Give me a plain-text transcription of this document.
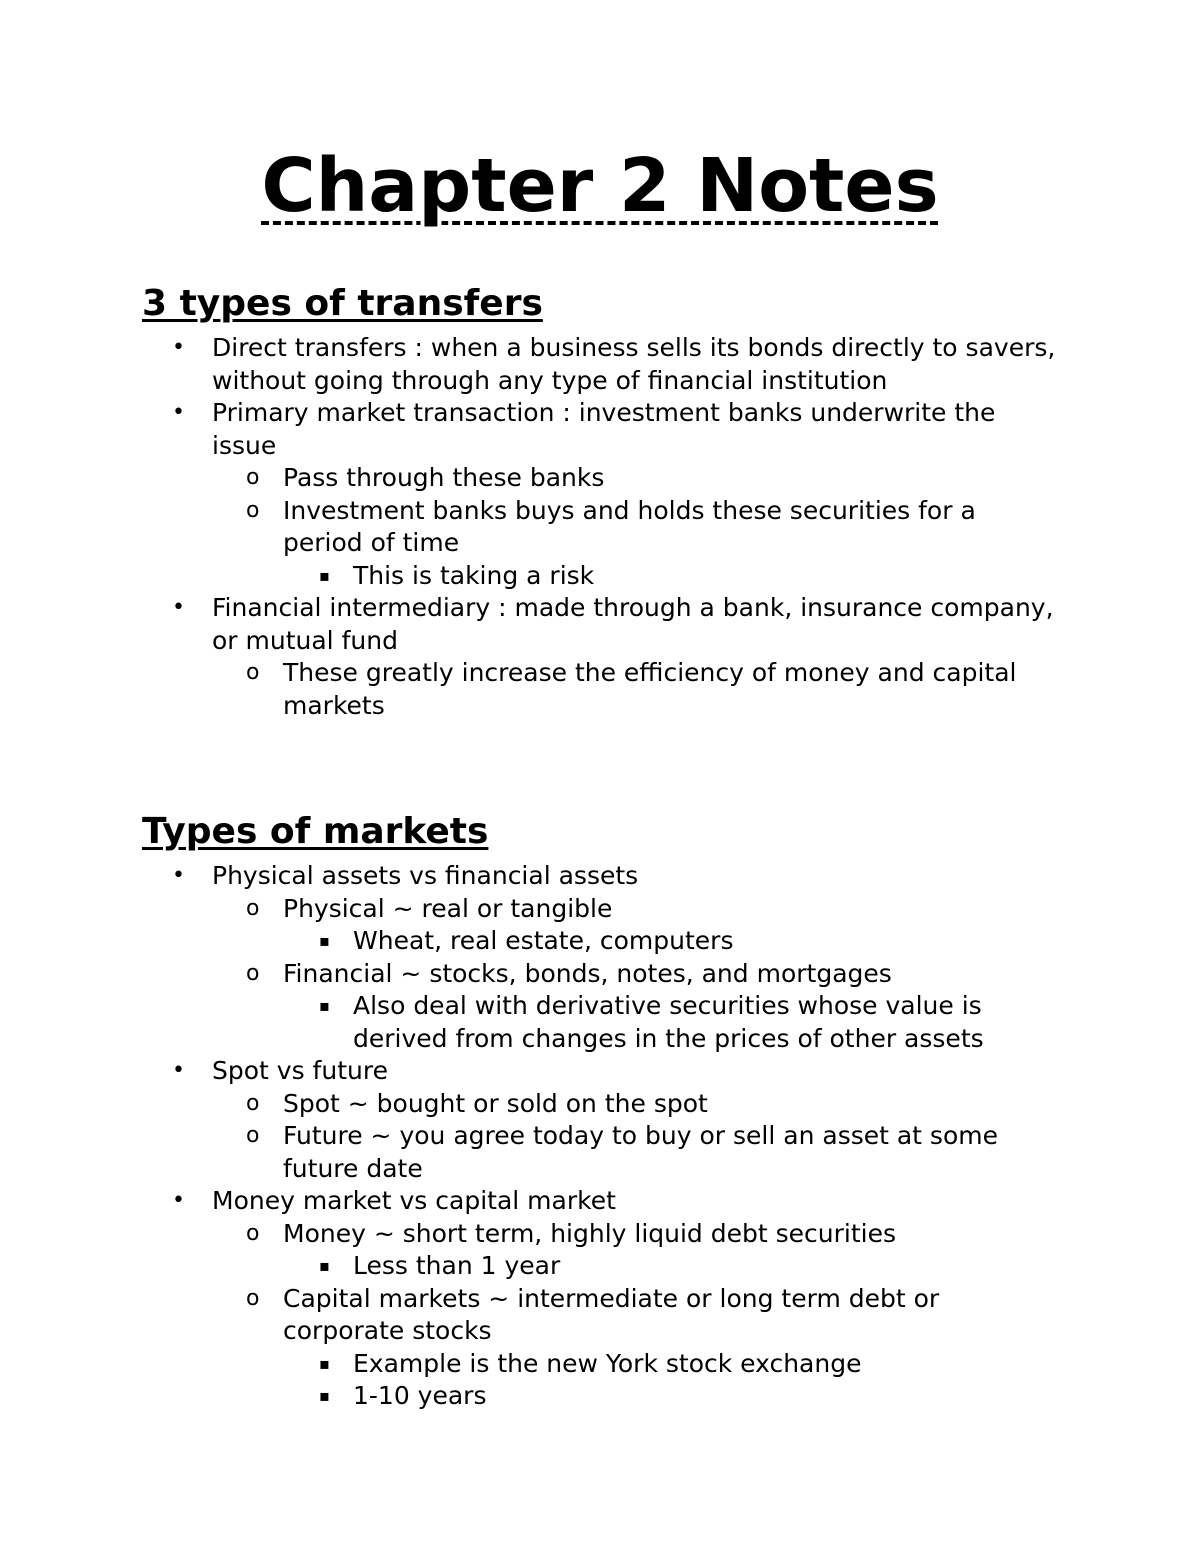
Chapter 2 Notes
3 types of transfers
• Direct transfers : when a business sells its bonds directly to savers, without going through any type of financial institution
• Primary market transaction : investment banks underwrite the issue
o Pass through these banks
o Investment banks buys and holds these securities for a period of time
▪ This is taking a risk
• Financial intermediary : made through a bank, insurance company, or mutual fund
o These greatly increase the efficiency of money and capital markets
Types of markets
• Physical assets vs financial assets
o Physical ~ real or tangible
▪ Wheat, real estate, computers
o Financial ~ stocks, bonds, notes, and mortgages
▪ Also deal with derivative securities whose value is derived from changes in the prices of other assets
• Spot vs future
o Spot ~ bought or sold on the spot
o Future ~ you agree today to buy or sell an asset at some future date
• Money market vs capital market
o Money ~ short term, highly liquid debt securities
▪ Less than 1 year
o Capital markets ~ intermediate or long term debt or corporate stocks
▪ Example is the new York stock exchange
▪ 1-10 years
